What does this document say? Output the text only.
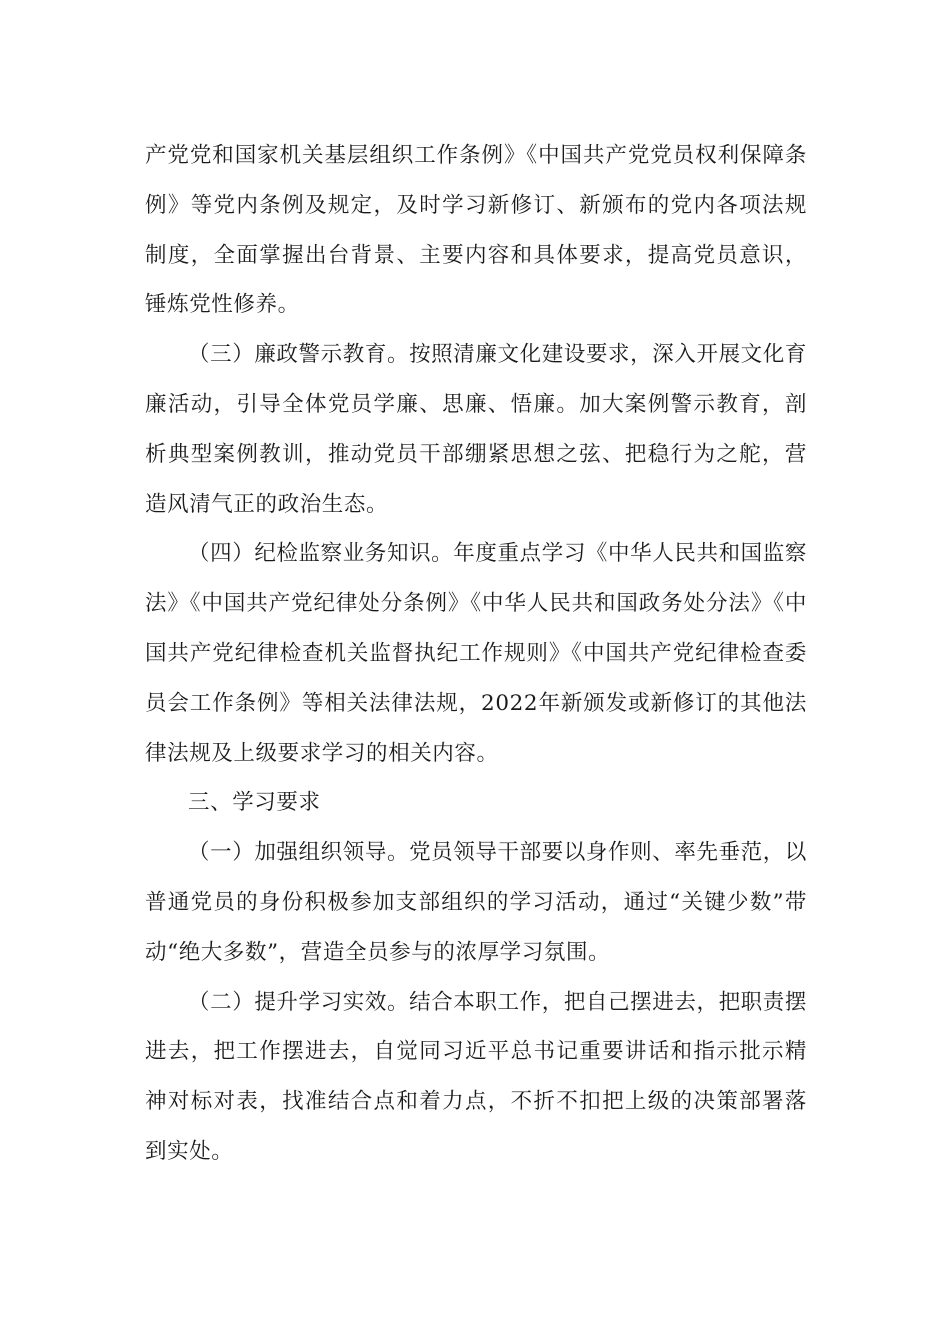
产党党和国家机关基层组织工作条例》《中国共产党党员权利保障条例》等党内条例及规定，及时学习新修订、新颁布的党内各项法规制度，全面掌握出台背景、主要内容和具体要求，提高党员意识，锤炼党性修养。

（三）廉政警示教育。按照清廉文化建设要求，深入开展文化育廉活动，引导全体党员学廉、思廉、悟廉。加大案例警示教育，剖析典型案例教训，推动党员干部绷紧思想之弦、把稳行为之舵，营造风清气正的政治生态。

（四）纪检监察业务知识。年度重点学习《中华人民共和国监察法》《中国共产党纪律处分条例》《中华人民共和国政务处分法》《中国共产党纪律检查机关监督执纪工作规则》《中国共产党纪律检查委员会工作条例》等相关法律法规，2022年新颁发或新修订的其他法律法规及上级要求学习的相关内容。

三、学习要求

（一）加强组织领导。党员领导干部要以身作则、率先垂范，以普通党员的身份积极参加支部组织的学习活动，通过“关键少数”带动“绝大多数”，营造全员参与的浓厚学习氛围。

（二）提升学习实效。结合本职工作，把自己摆进去，把职责摆进去，把工作摆进去，自觉同习近平总书记重要讲话和指示批示精神对标对表，找准结合点和着力点，不折不扣把上级的决策部署落到实处。
